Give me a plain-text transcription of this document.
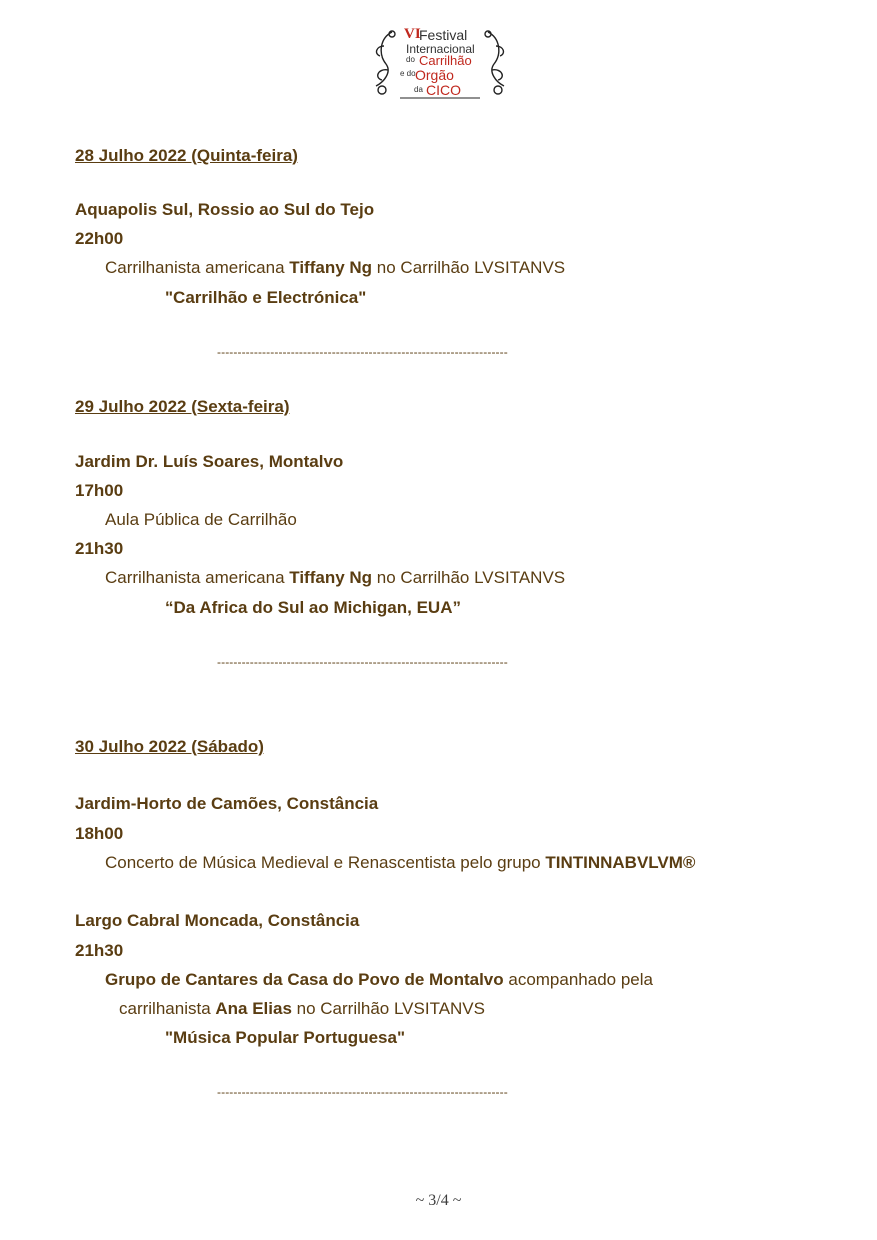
VI
Festival
Internacional
do Carrilhão
e do Orgão
da CICO
28 Julho 2022 (Quinta-feira)
Aquapolis Sul, Rossio ao Sul do Tejo
22h00
Carrilhanista americana Tiffany Ng no Carrilhão LVSITANVS
"Carrilhão e Electrónica"
-----------------------------------------------------------------------
29 Julho 2022 (Sexta-feira)
Jardim Dr. Luís Soares, Montalvo
17h00
Aula Pública de Carrilhão
21h30
Carrilhanista americana Tiffany Ng no Carrilhão LVSITANVS
“Da Africa do Sul ao Michigan, EUA”
-----------------------------------------------------------------------
30 Julho 2022 (Sábado)
Jardim-Horto de Camões, Constância
18h00
Concerto de Música Medieval e Renascentista pelo grupo TINTINNABVLVM®
Largo Cabral Moncada, Constância
21h30
Grupo de Cantares da Casa do Povo de Montalvo acompanhado pela
carrilhanista Ana Elias no Carrilhão LVSITANVS
"Música Popular Portuguesa"
-----------------------------------------------------------------------
~ 3/4 ~
